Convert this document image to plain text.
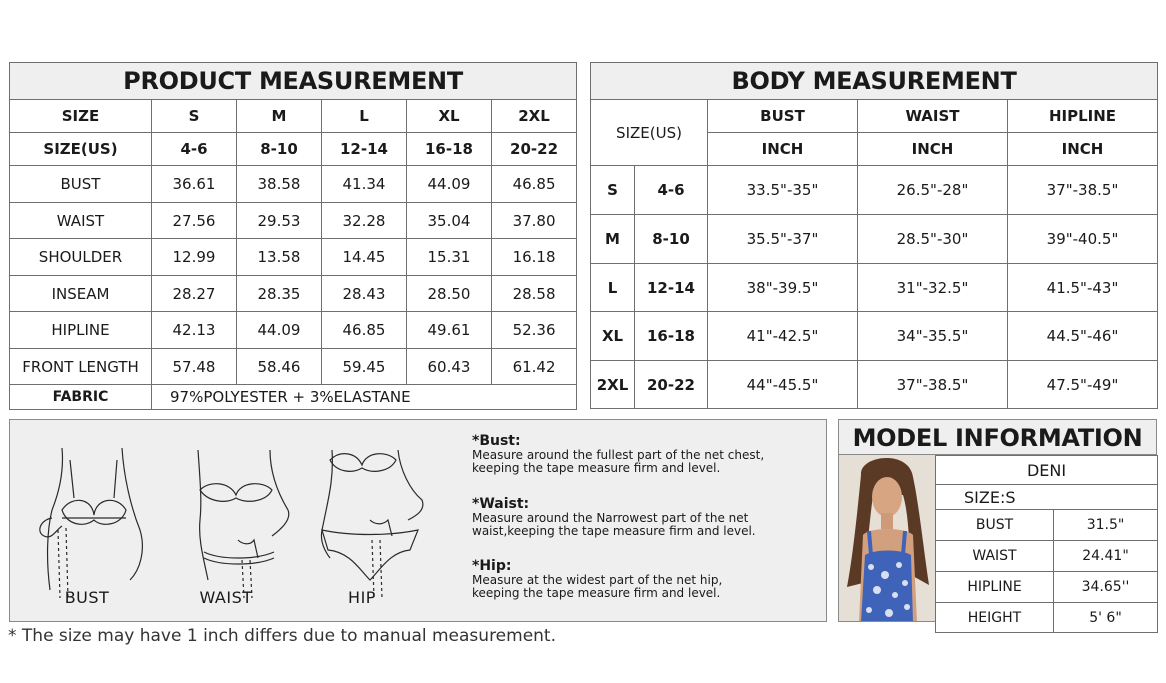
PRODUCT MEASUREMENT					
SIZE	S	M	L	XL	2XL
SIZE(US)	4-6	8-10	12-14	16-18	20-22
BUST	36.61	38.58	41.34	44.09	46.85
WAIST	27.56	29.53	32.28	35.04	37.80
SHOULDER	12.99	13.58	14.45	15.31	16.18
INSEAM	28.27	28.35	28.43	28.50	28.58
HIPLINE	42.13	44.09	46.85	49.61	52.36
FRONT LENGTH	57.48	58.46	59.45	60.43	61.42
FABRIC	97%POLYESTER + 3%ELASTANE				
BODY MEASUREMENT				
SIZE(US)		BUST	WAIST	HIPLINE
		INCH	INCH	INCH
S	4-6	33.5"-35"	26.5"-28"	37"-38.5"
M	8-10	35.5"-37"	28.5"-30"	39"-40.5"
L	12-14	38"-39.5"	31"-32.5"	41.5"-43"
XL	16-18	41"-42.5"	34"-35.5"	44.5"-46"
2XL	20-22	44"-45.5"	37"-38.5"	47.5"-49"
BUST	WAIST	HIP
*Bust:
Measure around the fullest part of the net chest,
keeping the tape measure firm and level.
*Waist:
Measure around the Narrowest part of the net
waist,keeping the tape measure firm and level.
*Hip:
Measure at the widest part of the net hip,
keeping the tape measure firm and level.
MODEL INFORMATION
DENI	
SIZE:S	
BUST	31.5"
WAIST	24.41"
HIPLINE	34.65''
HEIGHT	5' 6"
* The size may have 1 inch differs due to manual measurement.
